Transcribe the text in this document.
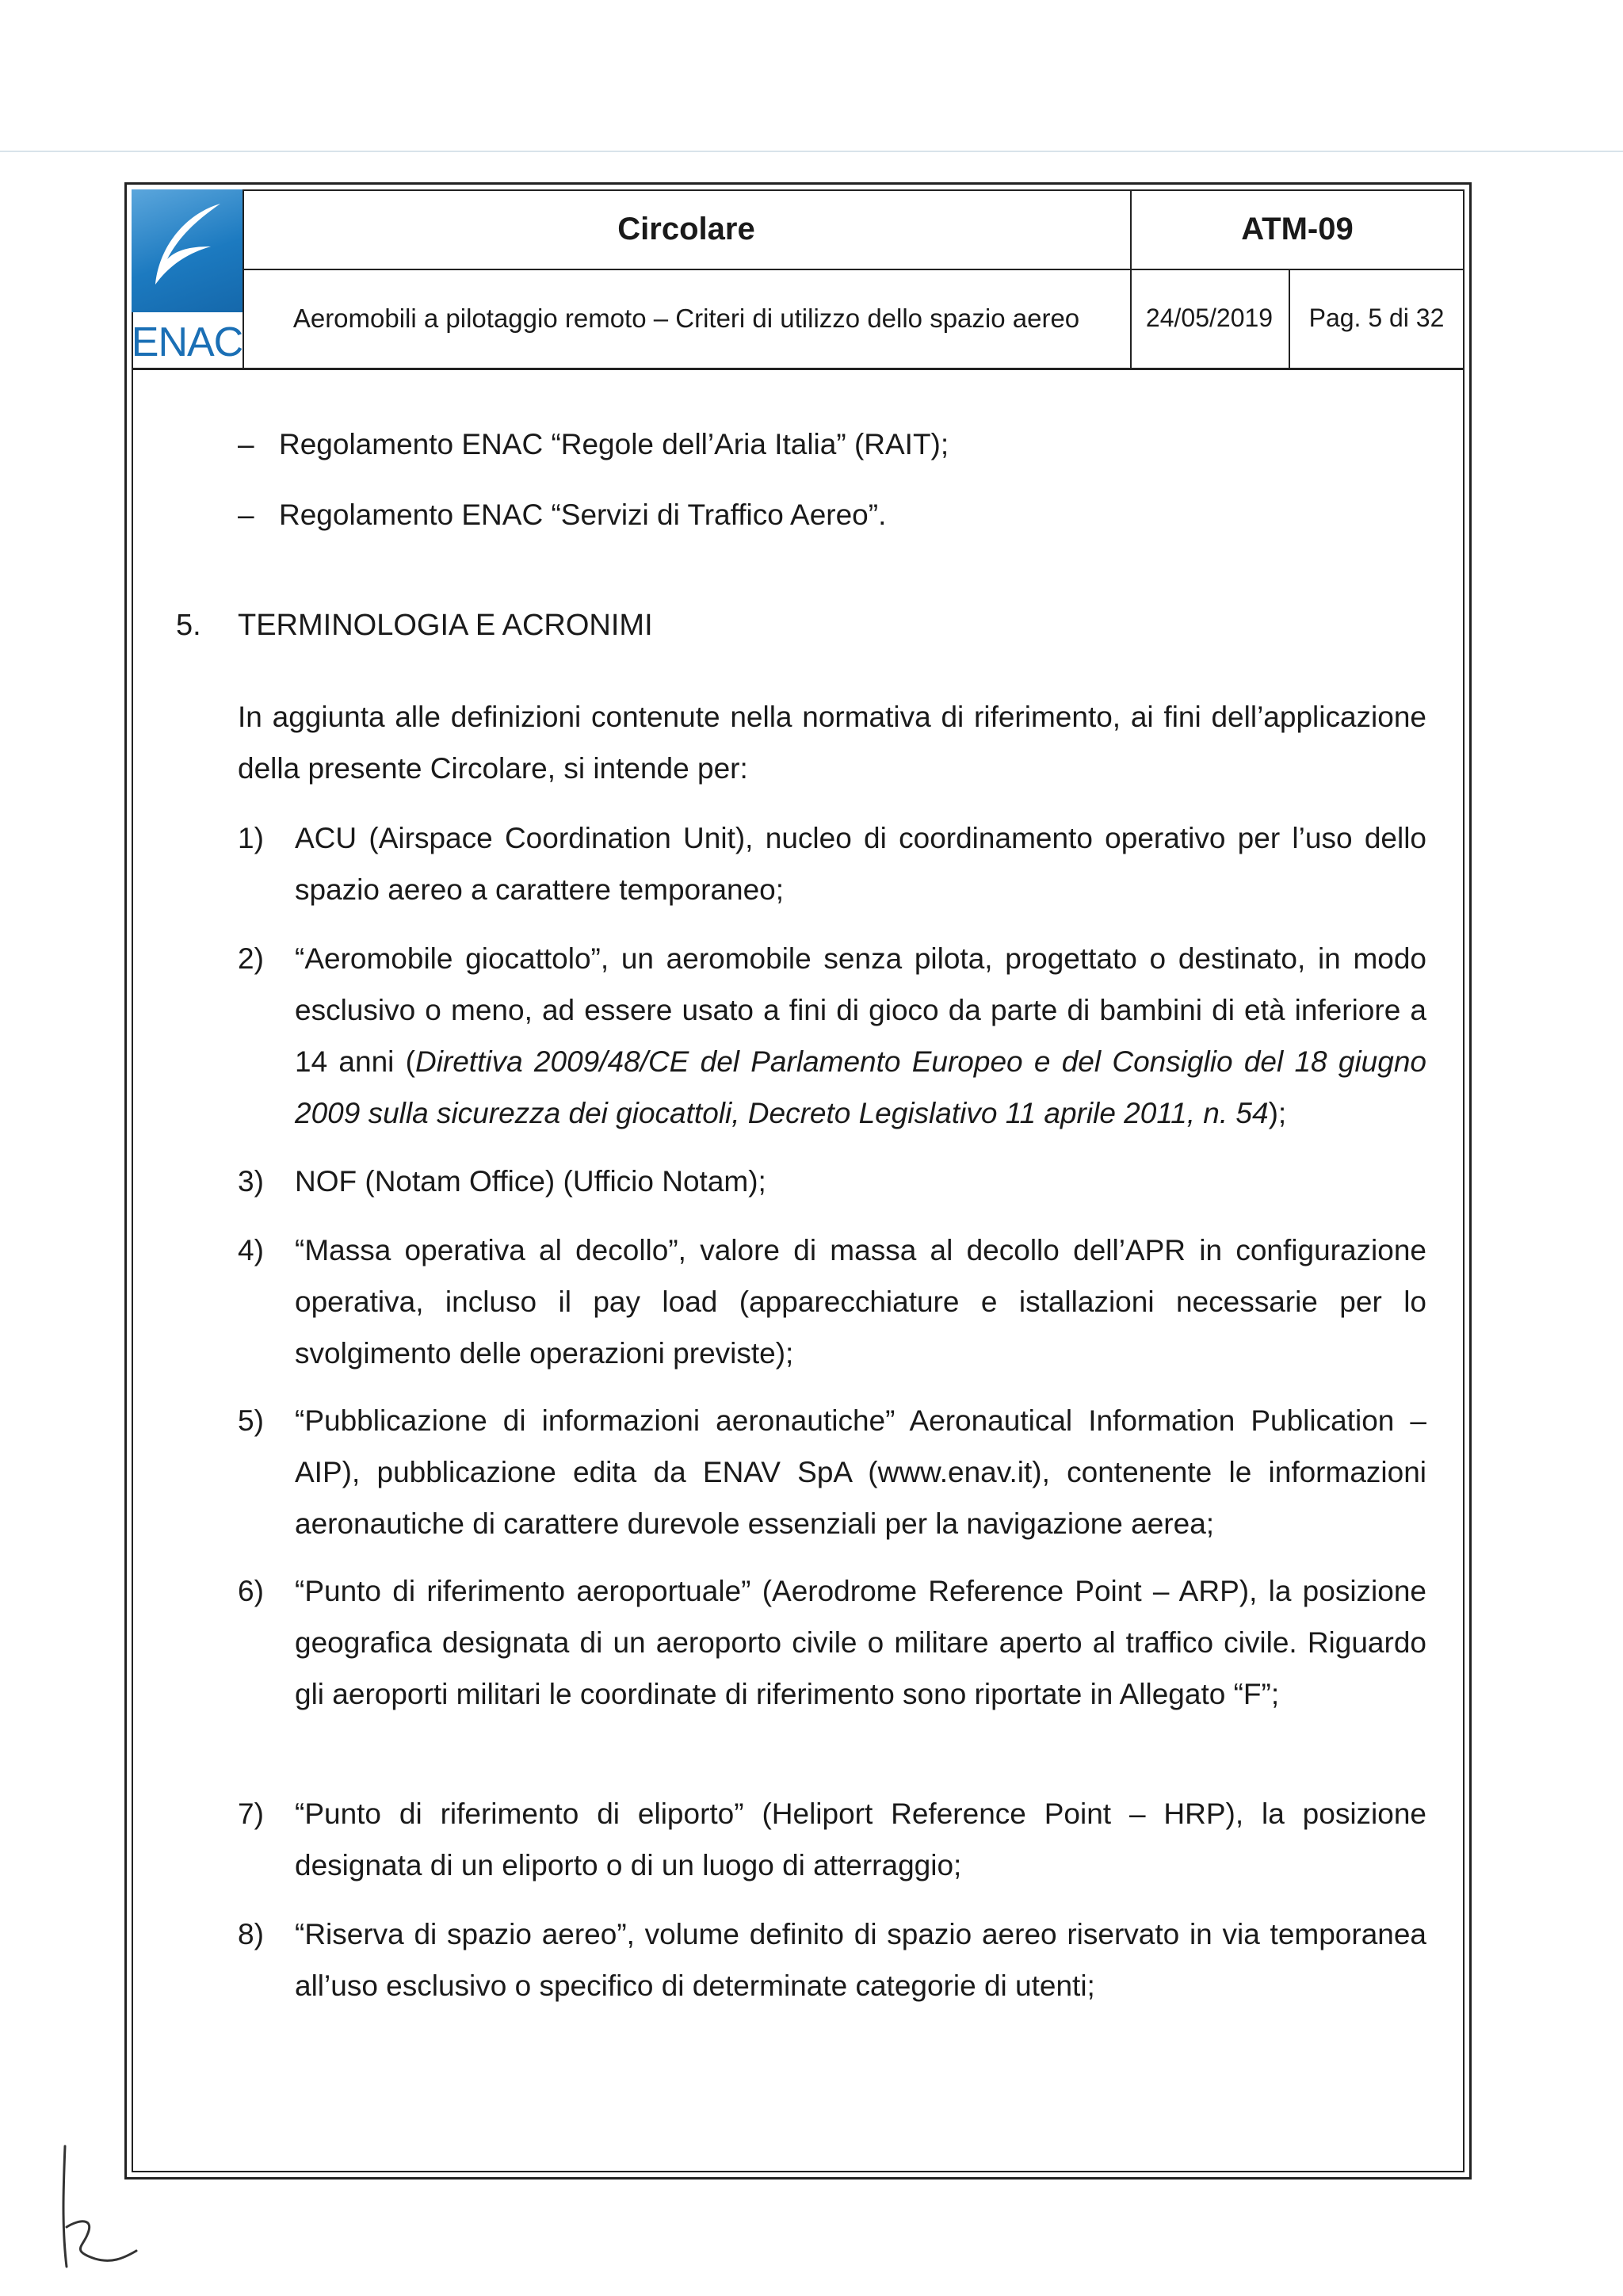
ENAC
Circolare	ATM-09
Aeromobili a pilotaggio remoto – Criteri di utilizzo dello spazio aereo	24/05/2019	Pag. 5 di 32
– Regolamento ENAC “Regole dell’Aria Italia” (RAIT);
– Regolamento ENAC “Servizi di Traffico Aereo”.
5. TERMINOLOGIA E ACRONIMI
In aggiunta alle definizioni contenute nella normativa di riferimento, ai fini dell’applicazione della presente Circolare, si intende per:
1) ACU (Airspace Coordination Unit), nucleo di coordinamento operativo per l’uso dello spazio aereo a carattere temporaneo;
2) “Aeromobile giocattolo”, un aeromobile senza pilota, progettato o destinato, in modo esclusivo o meno, ad essere usato a fini di gioco da parte di bambini di età inferiore a 14 anni (Direttiva 2009/48/CE del Parlamento Europeo e del Consiglio del 18 giugno 2009 sulla sicurezza dei giocattoli, Decreto Legislativo 11 aprile 2011, n. 54);
3) NOF (Notam Office) (Ufficio Notam);
4) “Massa operativa al decollo”, valore di massa al decollo dell’APR in configurazione operativa, incluso il pay load (apparecchiature e istallazioni necessarie per lo svolgimento delle operazioni previste);
5) “Pubblicazione di informazioni aeronautiche” Aeronautical Information Publication – AIP), pubblicazione edita da ENAV SpA (www.enav.it), contenente le informazioni aeronautiche di carattere durevole essenziali per la navigazione aerea;
6) “Punto di riferimento aeroportuale” (Aerodrome Reference Point – ARP), la posizione geografica designata di un aeroporto civile o militare aperto al traffico civile. Riguardo gli aeroporti militari le coordinate di riferimento sono riportate in Allegato “F”;
7) “Punto di riferimento di eliporto” (Heliport Reference Point – HRP), la posizione designata di un eliporto o di un luogo di atterraggio;
8) “Riserva di spazio aereo”, volume definito di spazio aereo riservato in via temporanea all’uso esclusivo o specifico di determinate categorie di utenti;
